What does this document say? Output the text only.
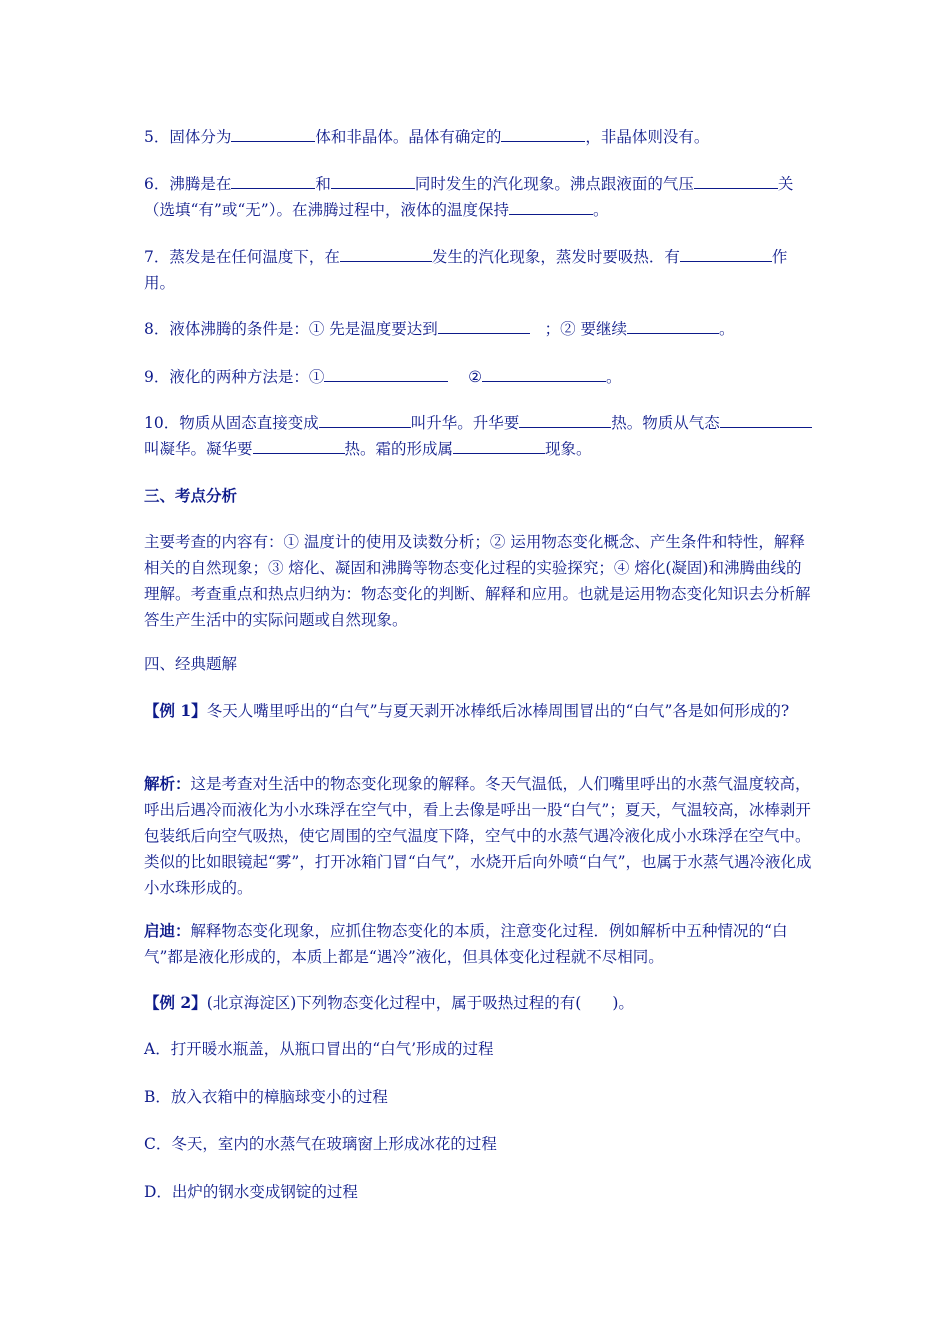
5．固体分为	体和非晶体。晶体有确定的	，非晶体则没有。
6．沸腾是在	和	同时发生的汽化现象。沸点跟液面的气压	关（选填“有”或“无”）。在沸腾过程中，液体的温度保持	。
7．蒸发是在任何温度下，在	发生的汽化现象，蒸发时要吸热．有	作用。
8．液体沸腾的条件是：① 先是温度要达到	；② 要继续	。
9．液化的两种方法是：①	②	。
10．物质从固态直接变成	叫升华。升华要	热。物质从气态叫凝华。凝华要	热。霜的形成属	现象。
三、考点分析
主要考查的内容有：① 温度计的使用及读数分析；② 运用物态变化概念、产生条件和特性，解释相关的自然现象；③ 熔化、凝固和沸腾等物态变化过程的实验探究；④ 熔化(凝固)和沸腾曲线的理解。考查重点和热点归纳为：物态变化的判断、解释和应用。也就是运用物态变化知识去分析解答生产生活中的实际问题或自然现象。
四、经典题解
【例 1】冬天人嘴里呼出的“白气”与夏天剥开冰棒纸后冰棒周围冒出的“白气”各是如何形成的?
解析：这是考查对生活中的物态变化现象的解释。冬天气温低，人们嘴里呼出的水蒸气温度较高，呼出后遇冷而液化为小水珠浮在空气中，看上去像是呼出一股“白气”；夏天，气温较高，冰棒剥开包装纸后向空气吸热，使它周围的空气温度下降，空气中的水蒸气遇冷液化成小水珠浮在空气中。类似的比如眼镜起“雾”，打开冰箱门冒“白气”，水烧开后向外喷“白气”，也属于水蒸气遇冷液化成小水珠形成的。
启迪：解释物态变化现象，应抓住物态变化的本质，注意变化过程．例如解析中五种情况的“白气”都是液化形成的，本质上都是“遇冷”液化，但具体变化过程就不尽相同。
【例 2】(北京海淀区)下列物态变化过程中，属于吸热过程的有(　　)。
A．打开暖水瓶盖，从瓶口冒出的“白气’形成的过程
B．放入衣箱中的樟脑球变小的过程
C．冬天，室内的水蒸气在玻璃窗上形成冰花的过程
D．出炉的钢水变成钢锭的过程
